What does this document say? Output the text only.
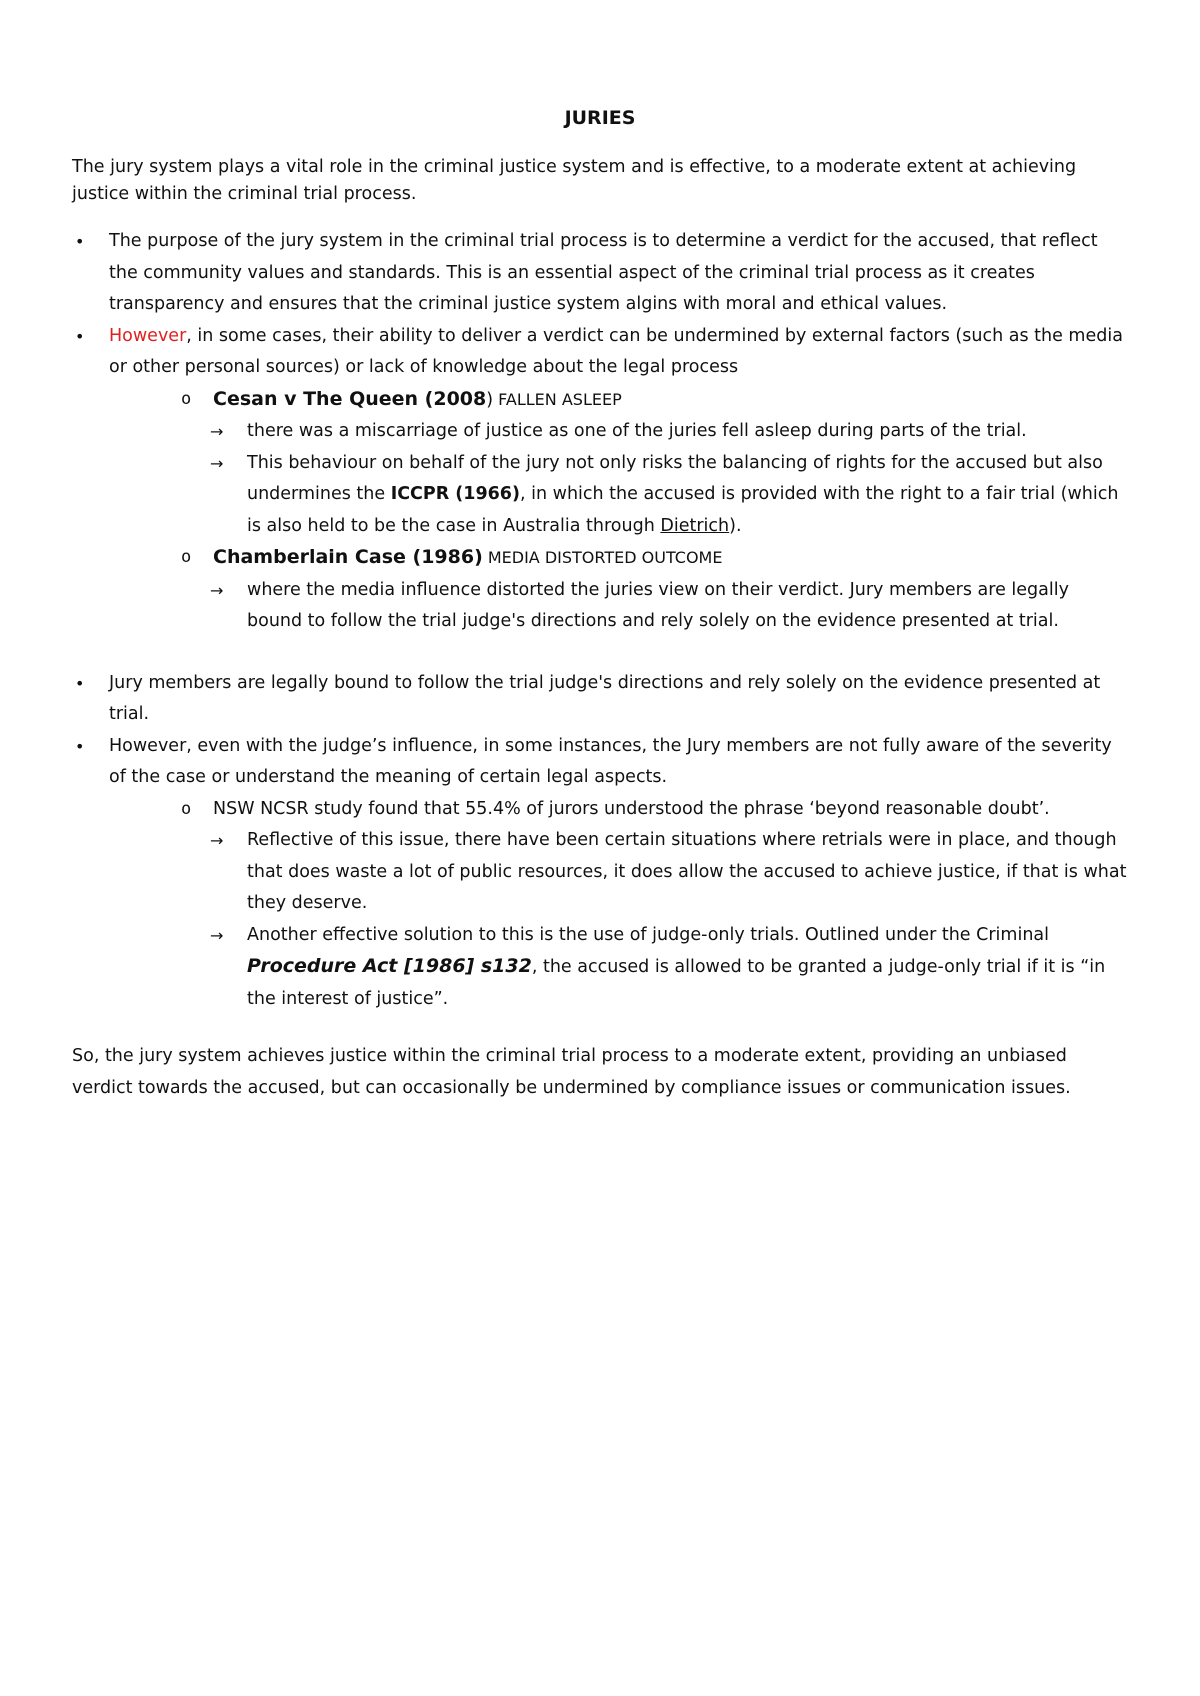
JURIES
The jury system plays a vital role in the criminal justice system and is effective, to a moderate extent at achieving justice within the criminal trial process.
• The purpose of the jury system in the criminal trial process is to determine a verdict for the accused, that reflect the community values and standards. This is an essential aspect of the criminal trial process as it creates transparency and ensures that the criminal justice system algins with moral and ethical values.
• However, in some cases, their ability to deliver a verdict can be undermined by external factors (such as the media or other personal sources) or lack of knowledge about the legal process
o Cesan v The Queen (2008) FALLEN ASLEEP
→ there was a miscarriage of justice as one of the juries fell asleep during parts of the trial.
→ This behaviour on behalf of the jury not only risks the balancing of rights for the accused but also undermines the ICCPR (1966), in which the accused is provided with the right to a fair trial (which is also held to be the case in Australia through Dietrich).
o Chamberlain Case (1986) MEDIA DISTORTED OUTCOME
→ where the media influence distorted the juries view on their verdict. Jury members are legally bound to follow the trial judge's directions and rely solely on the evidence presented at trial.
• Jury members are legally bound to follow the trial judge's directions and rely solely on the evidence presented at trial.
• However, even with the judge’s influence, in some instances, the Jury members are not fully aware of the severity of the case or understand the meaning of certain legal aspects.
o NSW NCSR study found that 55.4% of jurors understood the phrase ‘beyond reasonable doubt’.
→ Reflective of this issue, there have been certain situations where retrials were in place, and though that does waste a lot of public resources, it does allow the accused to achieve justice, if that is what they deserve.
→ Another effective solution to this is the use of judge-only trials. Outlined under the Criminal Procedure Act [1986] s132, the accused is allowed to be granted a judge-only trial if it is “in the interest of justice”.
So, the jury system achieves justice within the criminal trial process to a moderate extent, providing an unbiased verdict towards the accused, but can occasionally be undermined by compliance issues or communication issues.
